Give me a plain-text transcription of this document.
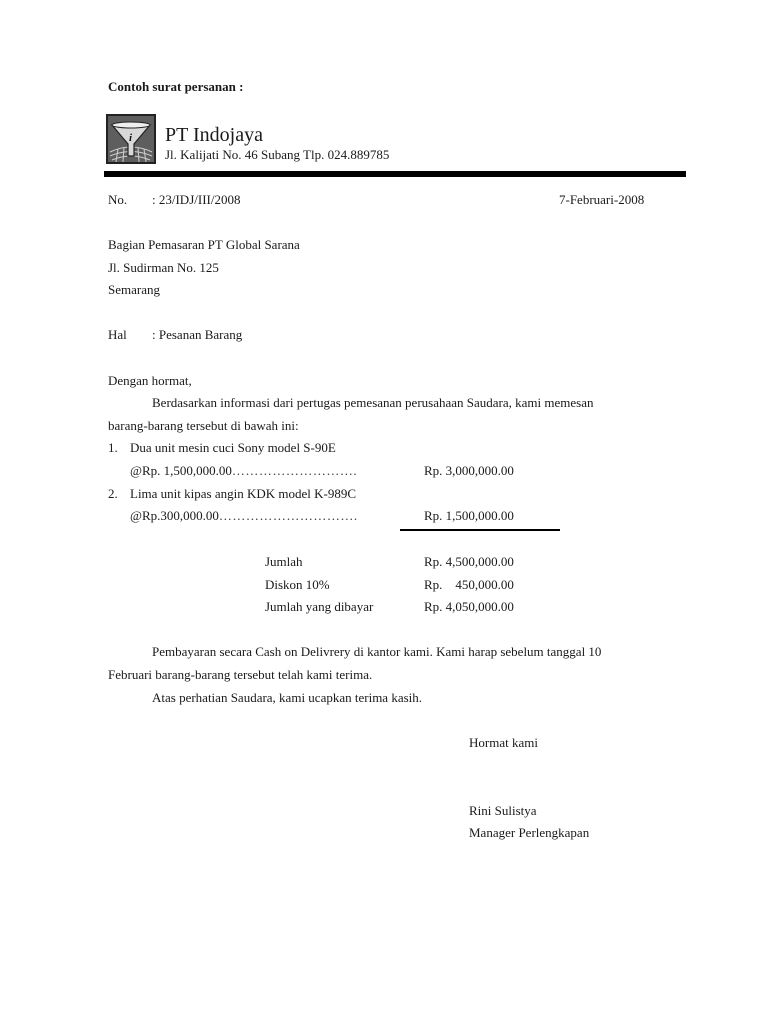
Contoh surat persanan :
i PT Indojaya
Jl. Kalijati No. 46 Subang Tlp. 024.889785
No. : 23/IDJ/III/2008	7-Februari-2008
Bagian Pemasaran PT Global Sarana
Jl. Sudirman No. 125
Semarang
Hal : Pesanan Barang
Dengan hormat,
Berdasarkan informasi dari pertugas pemesanan perusahaan Saudara, kami memesan
barang-barang tersebut di bawah ini:
1. Dua unit mesin cuci Sony model S-90E
@Rp. 1,500,000.00……………………….	Rp. 3,000,000.00
2. Lima unit kipas angin KDK model K-989C
@Rp.300,000.00………………………….	Rp. 1,500,000.00
Jumlah	Rp. 4,500,000.00
Diskon 10%	Rp.    450,000.00
Jumlah yang dibayar	Rp. 4,050,000.00
Pembayaran secara Cash on Delivrery di kantor kami. Kami harap sebelum tanggal 10
Februari barang-barang tersebut telah kami terima.
Atas perhatian Saudara, kami ucapkan terima kasih.
Hormat kami
Rini Sulistya
Manager Perlengkapan
